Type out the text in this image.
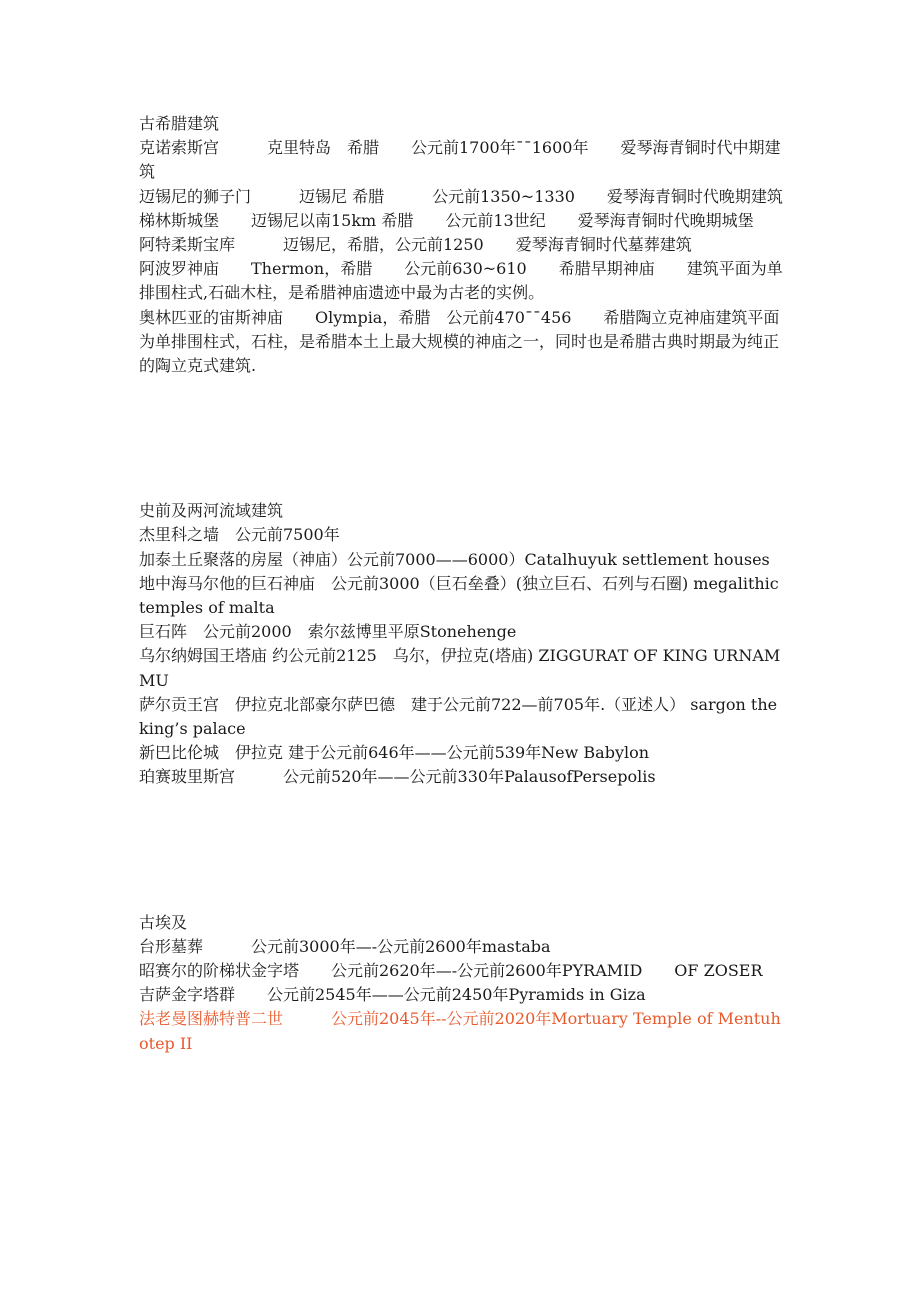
古希腊建筑

克诺索斯宫　　　克里特岛　希腊　　公元前1700年¯¯1600年　　爱琴海青铜时代中期建筑

迈锡尼的狮子门　　　迈锡尼 希腊　　　公元前1350~1330　　爱琴海青铜时代晚期建筑

梯林斯城堡　　迈锡尼以南15km 希腊　　公元前13世纪　　爱琴海青铜时代晚期城堡

阿特柔斯宝库　　　迈锡尼，希腊，公元前1250　　爱琴海青铜时代墓葬建筑

阿波罗神庙　　Thermon，希腊　　公元前630~610　　希腊早期神庙　　建筑平面为单排围柱式,石础木柱，是希腊神庙遗迹中最为古老的实例。

奥林匹亚的宙斯神庙　　Olympia，希腊　公元前470¯¯456　　希腊陶立克神庙建筑平面为单排围柱式，石柱，是希腊本土上最大规模的神庙之一，同时也是希腊古典时期最为纯正的陶立克式建筑.

史前及两河流域建筑

杰里科之墙　公元前7500年

加泰土丘聚落的房屋（神庙）公元前7000——6000）Catalhuyuk settlement houses

地中海马尔他的巨石神庙　公元前3000（巨石垒叠）(独立巨石、石列与石圈) megalithic temples of malta

巨石阵　公元前2000　索尔兹博里平原Stonehenge

乌尔纳姆国王塔庙 约公元前2125　乌尔，伊拉克(塔庙) ZIGGURAT OF KING URNAMMU

萨尔贡王宫　伊拉克北部豪尔萨巴德　建于公元前722—前705年.（亚述人） sargon the king’s palace

新巴比伦城　伊拉克 建于公元前646年——公元前539年New Babylon

珀赛玻里斯宫　　　公元前520年——公元前330年PalausofPersepolis

古埃及

台形墓葬　　　公元前3000年—-公元前2600年mastaba

昭赛尔的阶梯状金字塔　　公元前2620年—-公元前2600年PYRAMID　　OF ZOSER

吉萨金字塔群　　公元前2545年——公元前2450年Pyramids in Giza

法老曼图赫特普二世　　　公元前2045年--公元前2020年Mortuary Temple of Mentuhotep II
